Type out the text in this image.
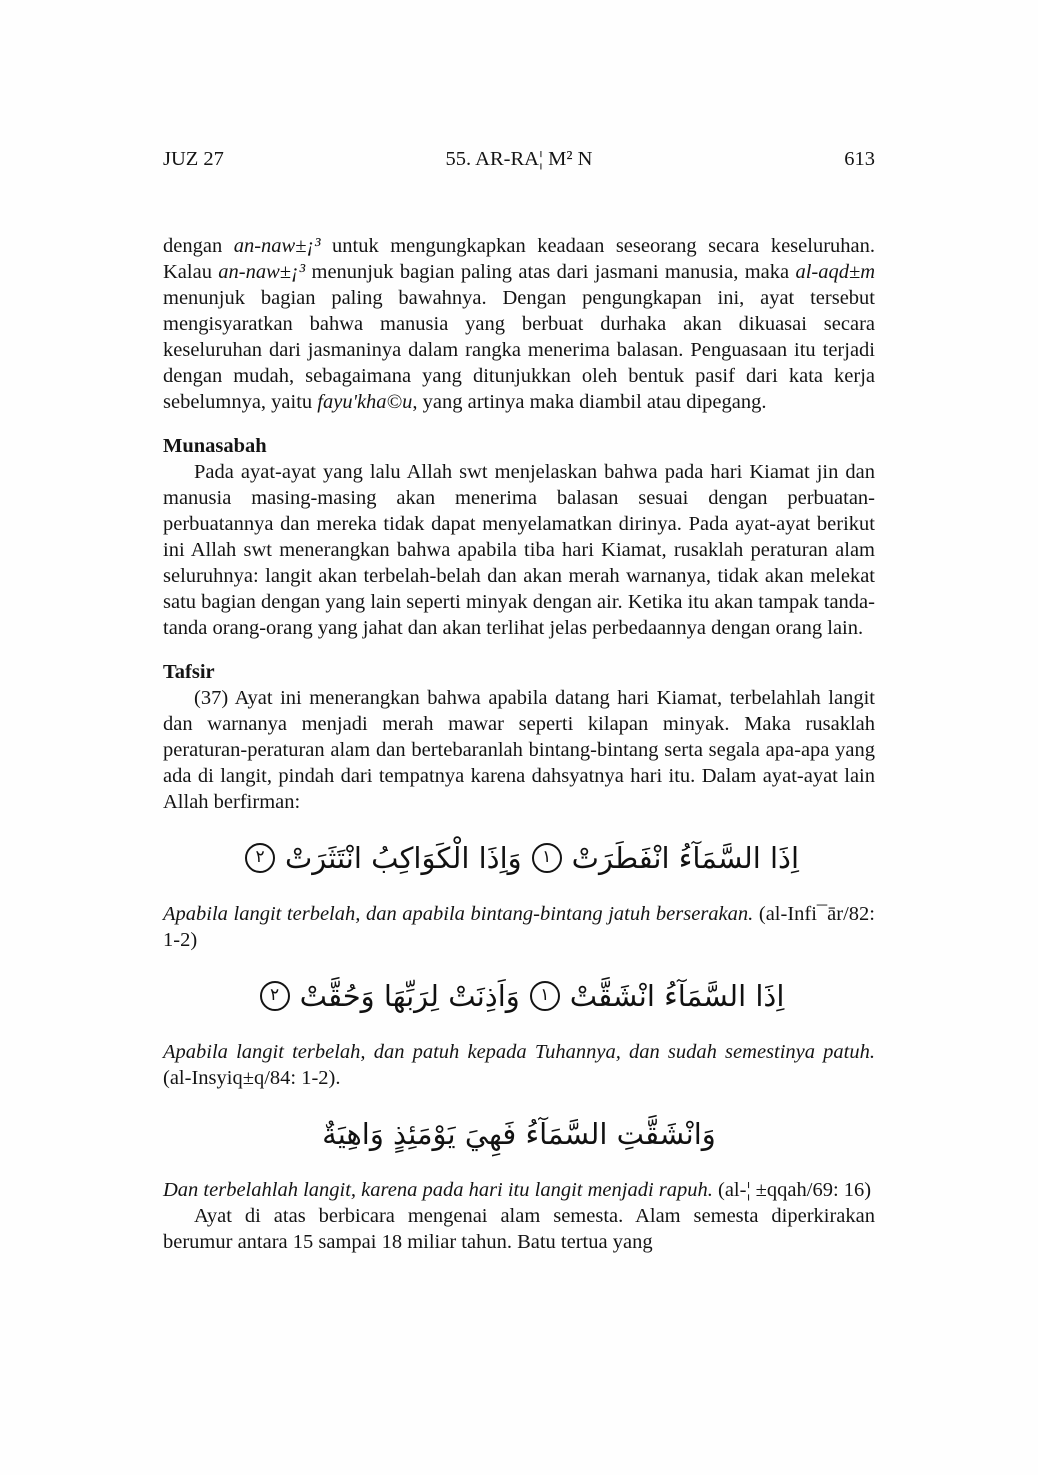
JUZ 27	55. AR-RA¦ M² N	613

dengan an-naw±¡³ untuk mengungkapkan keadaan seseorang secara keseluruhan. Kalau an-naw±¡³ menunjuk bagian paling atas dari jasmani manusia, maka al-aqd±m menunjuk bagian paling bawahnya. Dengan pengungkapan ini, ayat tersebut mengisyaratkan bahwa manusia yang berbuat durhaka akan dikuasai secara keseluruhan dari jasmaninya dalam rangka menerima balasan. Penguasaan itu terjadi dengan mudah, sebagaimana yang ditunjukkan oleh bentuk pasif dari kata kerja sebelumnya, yaitu fayu'kha©u, yang artinya maka diambil atau dipegang.

Munasabah

Pada ayat-ayat yang lalu Allah swt menjelaskan bahwa pada hari Kiamat jin dan manusia masing-masing akan menerima balasan sesuai dengan perbuatan-perbuatannya dan mereka tidak dapat menyelamatkan dirinya. Pada ayat-ayat berikut ini Allah swt menerangkan bahwa apabila tiba hari Kiamat, rusaklah peraturan alam seluruhnya: langit akan terbelah-belah dan akan merah warnanya, tidak akan melekat satu bagian dengan yang lain seperti minyak dengan air. Ketika itu akan tampak tanda-tanda orang-orang yang jahat dan akan terlihat jelas perbedaannya dengan orang lain.

Tafsir

(37) Ayat ini menerangkan bahwa apabila datang hari Kiamat, terbelahlah langit dan warnanya menjadi merah mawar seperti kilapan minyak. Maka rusaklah peraturan-peraturan alam dan bertebaranlah bintang-bintang serta segala apa-apa yang ada di langit, pindah dari tempatnya karena dahsyatnya hari itu. Dalam ayat-ayat lain Allah berfirman:

اِذَا السَّمَآءُ انْفَطَرَتْ١وَاِذَا الْكَوَاكِبُ انْتَثَرَتْ٢

Apabila langit terbelah, dan apabila bintang-bintang jatuh berserakan. (al-Infi¯ār/82: 1-2)

اِذَا السَّمَآءُ انْشَقَّتْ١وَاَذِنَتْ لِرَبِّهَا وَحُقَّتْ٢

Apabila langit terbelah, dan patuh kepada Tuhannya, dan sudah semestinya patuh. (al-Insyiq±q/84: 1-2).

وَانْشَقَّتِ السَّمَآءُ فَهِيَ يَوْمَئِذٍ وَاهِيَةٌ

Dan terbelahlah langit, karena pada hari itu langit menjadi rapuh. (al-¦ ±qqah/69: 16)

Ayat di atas berbicara mengenai alam semesta. Alam semesta diperkirakan berumur antara 15 sampai 18 miliar tahun. Batu tertua yang
